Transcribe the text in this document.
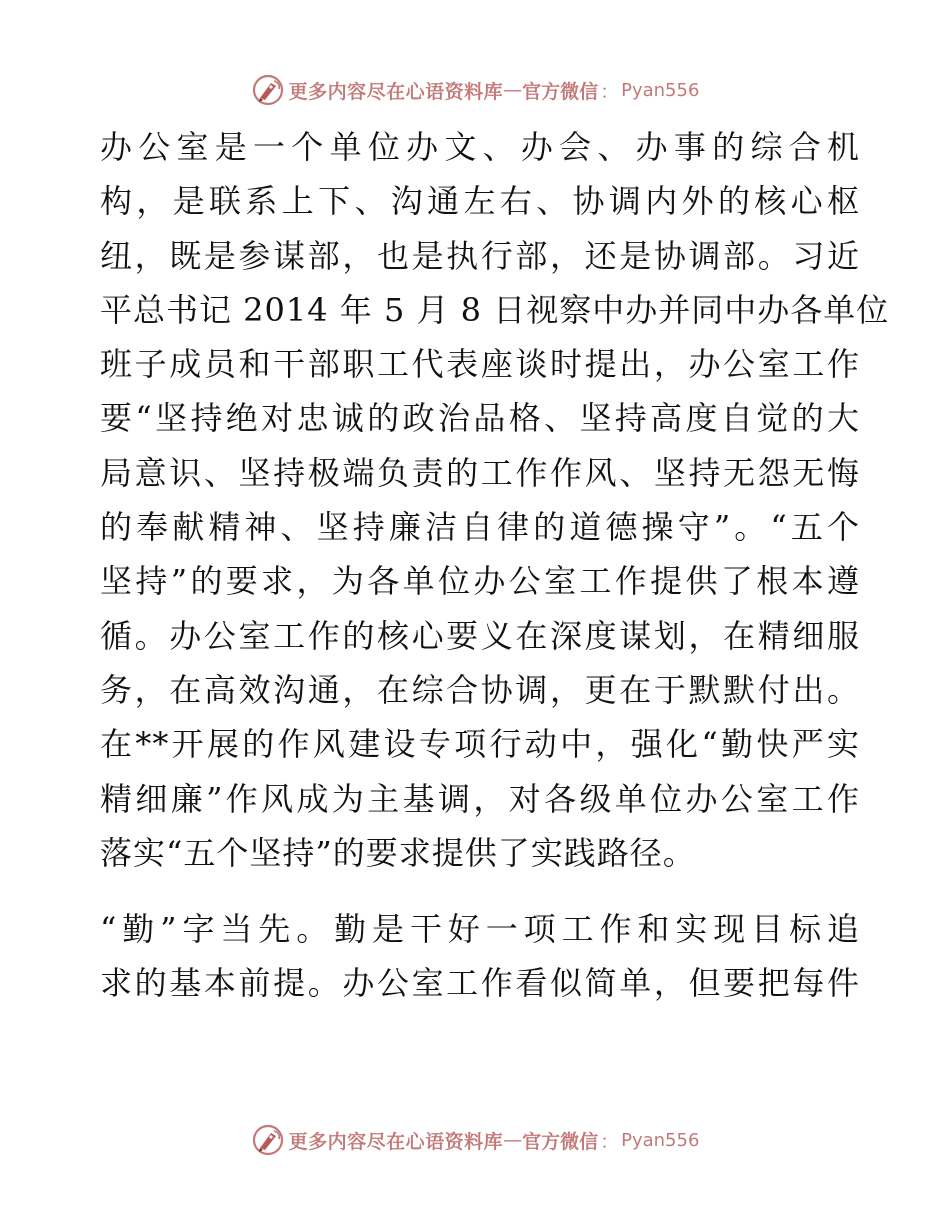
更多内容尽在心语资料库 — 官方微信 ： Pyan556

办公室是一个单位办文、办会、办事的综合机
构，是联系上下、沟通左右、协调内外的核心枢
纽，既是参谋部，也是执行部，还是协调部。习近
平总书记 2014 年 5 月 8 日视察中办并同中办各单位
班子成员和干部职工代表座谈时提出，办公室工作
要“坚持绝对忠诚的政治品格、坚持高度自觉的大
局意识、坚持极端负责的工作作风、坚持无怨无悔
的奉献精神、坚持廉洁自律的道德操守”。“五个
坚持”的要求，为各单位办公室工作提供了根本遵
循。办公室工作的核心要义在深度谋划，在精细服
务，在高效沟通，在综合协调，更在于默默付出。
在**开展的作风建设专项行动中，强化“勤快严实
精细廉”作风成为主基调，对各级单位办公室工作
落实“五个坚持”的要求提供了实践路径。

“勤”字当先。勤是干好一项工作和实现目标追
求的基本前提。办公室工作看似简单，但要把每件

更多内容尽在心语资料库 — 官方微信 ： Pyan556
